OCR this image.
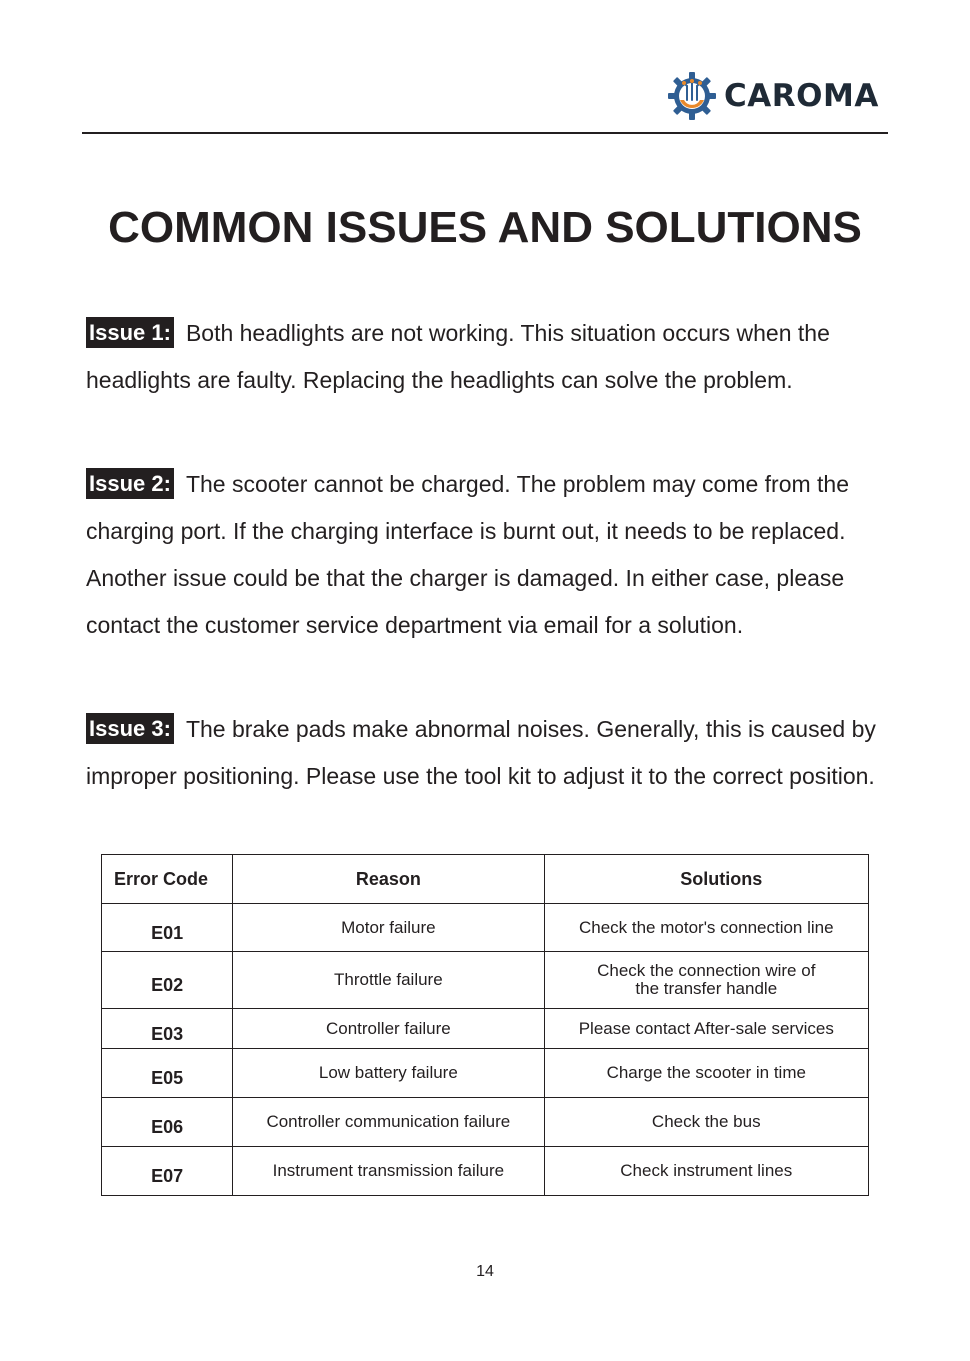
CAROMA
COMMON ISSUES AND SOLUTIONS

Issue 1: Both headlights are not working. This situation occurs when the headlights are faulty. Replacing the headlights can solve the problem.

Issue 2: The scooter cannot be charged. The problem may come from the charging port. If the charging interface is burnt out, it needs to be replaced. Another issue could be that the charger is damaged. In either case, please contact the customer service department via email for a solution.

Issue 3: The brake pads make abnormal noises. Generally, this is caused by improper positioning. Please use the tool kit to adjust it to the correct position.

Error Code	Reason	Solutions
E01	Motor failure	Check the motor's connection line
E02	Throttle failure	Check the connection wire of the transfer handle
E03	Controller failure	Please contact After-sale services
E05	Low battery failure	Charge the scooter in time
E06	Controller communication failure	Check the bus
E07	Instrument transmission failure	Check instrument lines
14
